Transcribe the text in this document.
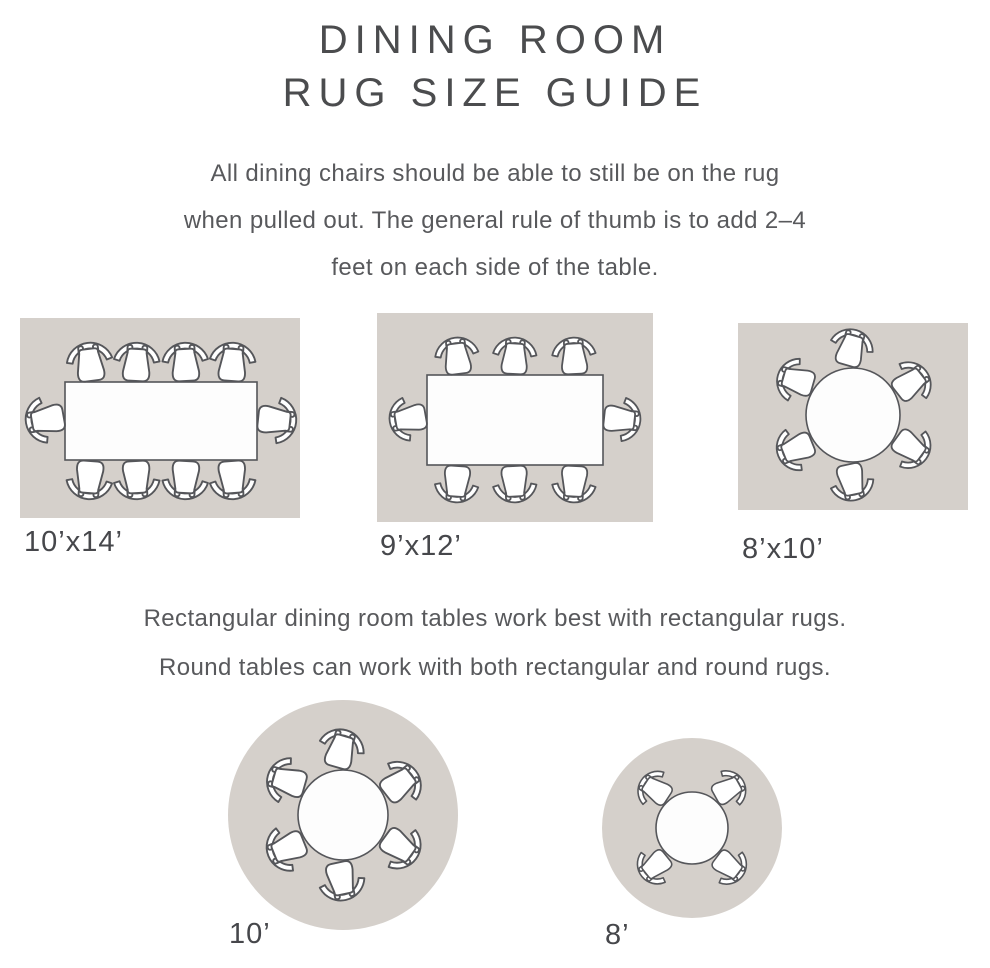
DINING ROOM
RUG SIZE GUIDE
All dining chairs should be able to still be on the rug
when pulled out. The general rule of thumb is to add 2–4
feet on each side of the table.
10’x14’	9’x12’	8’x10’
Rectangular dining room tables work best with rectangular rugs.
Round tables can work with both rectangular and round rugs.
10’	8’
